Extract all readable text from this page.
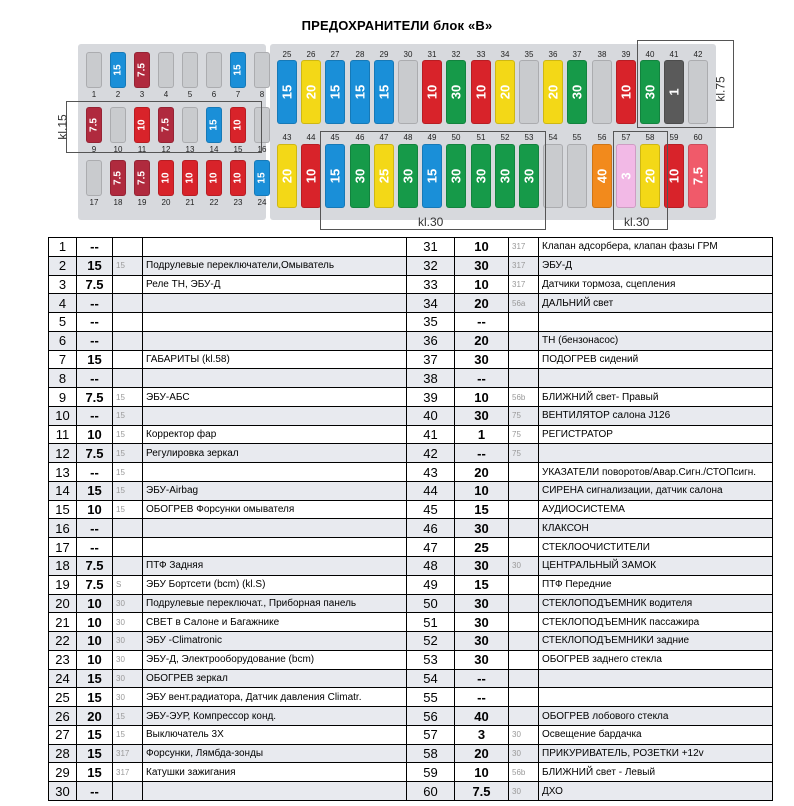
ПРЕДОХРАНИТЕЛИ блок «В»
1
15
2
7.5
3	4	5	6
15
7	8
7.5
9	10
10
11
7.5
12	13
15
14
10
15	16
17
7.5
18
7.5
19
10
20
10
21
10
22
10
23
15
24
15
25
20
26
15
27
15
28
15
29	30
10
31
30
32
10
33
20
34	35
20
36
30
37	38
10
39
30
40
1
41	42
20
43
10
44
15
45
30
46
25
47
30
48
15
49
30
50
30
51
30
52
30
53	54	55
40
56
3
57
20
58
10
59
7.5
60
kl.15
kl.75
kl.30	kl.30
1	--			31	10	317	Клапан адсорбера, клапан фазы ГРМ
2	15	15	Подрулевые переключатели,Омыватель	32	30	317	ЭБУ-Д
3	7.5		Реле ТН, ЭБУ-Д	33	10	317	Датчики тормоза, сцепления
4	--			34	20	56a	ДАЛЬНИЙ свет
5	--			35	--		
6	--			36	20		ТН (бензонасос)
7	15		ГАБАРИТЫ (kl.58)	37	30		ПОДОГРЕВ сидений
8	--			38	--		
9	7.5	15	ЭБУ-АБС	39	10	56b	БЛИЖНИЙ свет- Правый
10	--	15		40	30	75	ВЕНТИЛЯТОР салона J126
11	10	15	Корректор фар	41	1	75	РЕГИСТРАТОР
12	7.5	15	Регулировка зеркал	42	--	75	
13	--	15		43	20		УКАЗАТЕЛИ поворотов/Авар.Сигн./СТОПсигн.
14	15	15	ЭБУ-Airbag	44	10		СИРЕНА сигнализации, датчик салона
15	10	15	ОБОГРЕВ Форсунки омывателя	45	15		АУДИОСИСТЕМА
16	--			46	30		КЛАКСОН
17	--			47	25		СТЕКЛООЧИСТИТЕЛИ
18	7.5		ПТФ Задняя	48	30	30	ЦЕНТРАЛЬНЫЙ ЗАМОК
19	7.5	S	ЭБУ Бортсети (bcm) (kl.S)	49	15		ПТФ Передние
20	10	30	Подрулевые переключат., Приборная панель	50	30		СТЕКЛОПОДЪЕМНИК водителя
21	10	30	СВЕТ в Салоне и Багажнике	51	30		СТЕКЛОПОДЪЕМНИК пассажира
22	10	30	ЭБУ -Climatronic	52	30		СТЕКЛОПОДЪЕМНИКИ задние
23	10	30	ЭБУ-Д, Электрооборудование (bcm)	53	30		ОБОГРЕВ заднего стекла
24	15	30	ОБОГРЕВ зеркал	54	--		
25	15	30	ЭБУ вент.радиатора, Датчик давления Climatr.	55	--		
26	20	15	ЭБУ-ЭУР, Компрессор конд.	56	40		ОБОГРЕВ лобового стекла
27	15	15	Выключатель 3Х	57	3	30	Освещение бардачка
28	15	317	Форсунки, Лямбда-зонды	58	20	30	ПРИКУРИВАТЕЛЬ, РОЗЕТКИ +12v
29	15	317	Катушки зажигания	59	10	56b	БЛИЖНИЙ свет - Левый
30	--			60	7.5	30	ДХО
